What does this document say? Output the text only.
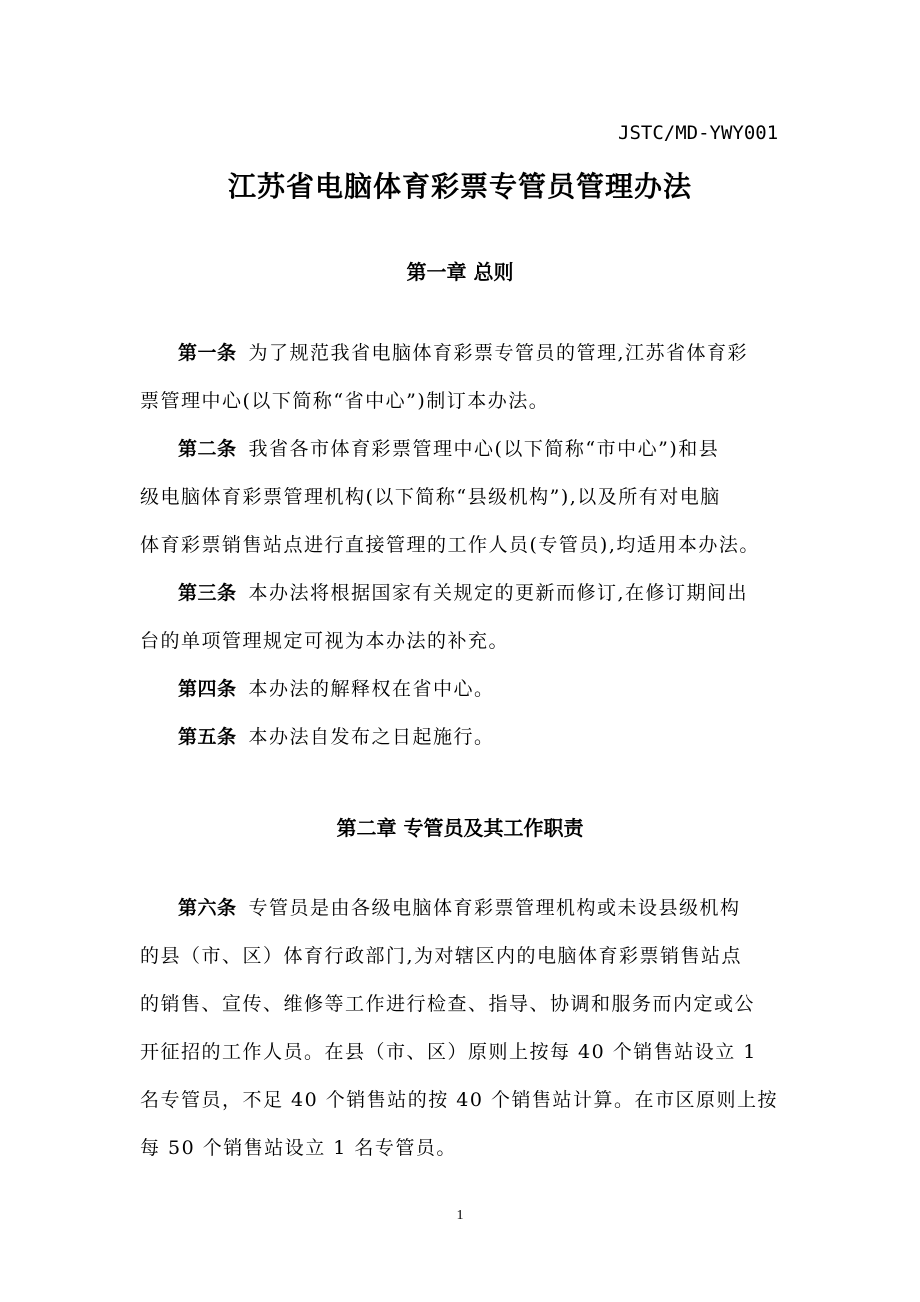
JSTC/MD-YWY001
江苏省电脑体育彩票专管员管理办法
第一章 总则
第一条 为了规范我省电脑体育彩票专管员的管理,江苏省体育彩
票管理中心(以下简称“省中心”)制订本办法。
第二条 我省各市体育彩票管理中心(以下简称“市中心”)和县
级电脑体育彩票管理机构(以下简称“县级机构”),以及所有对电脑
体育彩票销售站点进行直接管理的工作人员(专管员),均适用本办法。
第三条 本办法将根据国家有关规定的更新而修订,在修订期间出
台的单项管理规定可视为本办法的补充。
第四条 本办法的解释权在省中心。
第五条 本办法自发布之日起施行。
第二章 专管员及其工作职责
第六条 专管员是由各级电脑体育彩票管理机构或未设县级机构
的县（市、区）体育行政部门,为对辖区内的电脑体育彩票销售站点
的销售、宣传、维修等工作进行检查、指导、协调和服务而内定或公
开征招的工作人员。在县（市、区）原则上按每 40 个销售站设立 1
名专管员，不足 40 个销售站的按 40 个销售站计算。在市区原则上按
每 50 个销售站设立 1 名专管员。
1
